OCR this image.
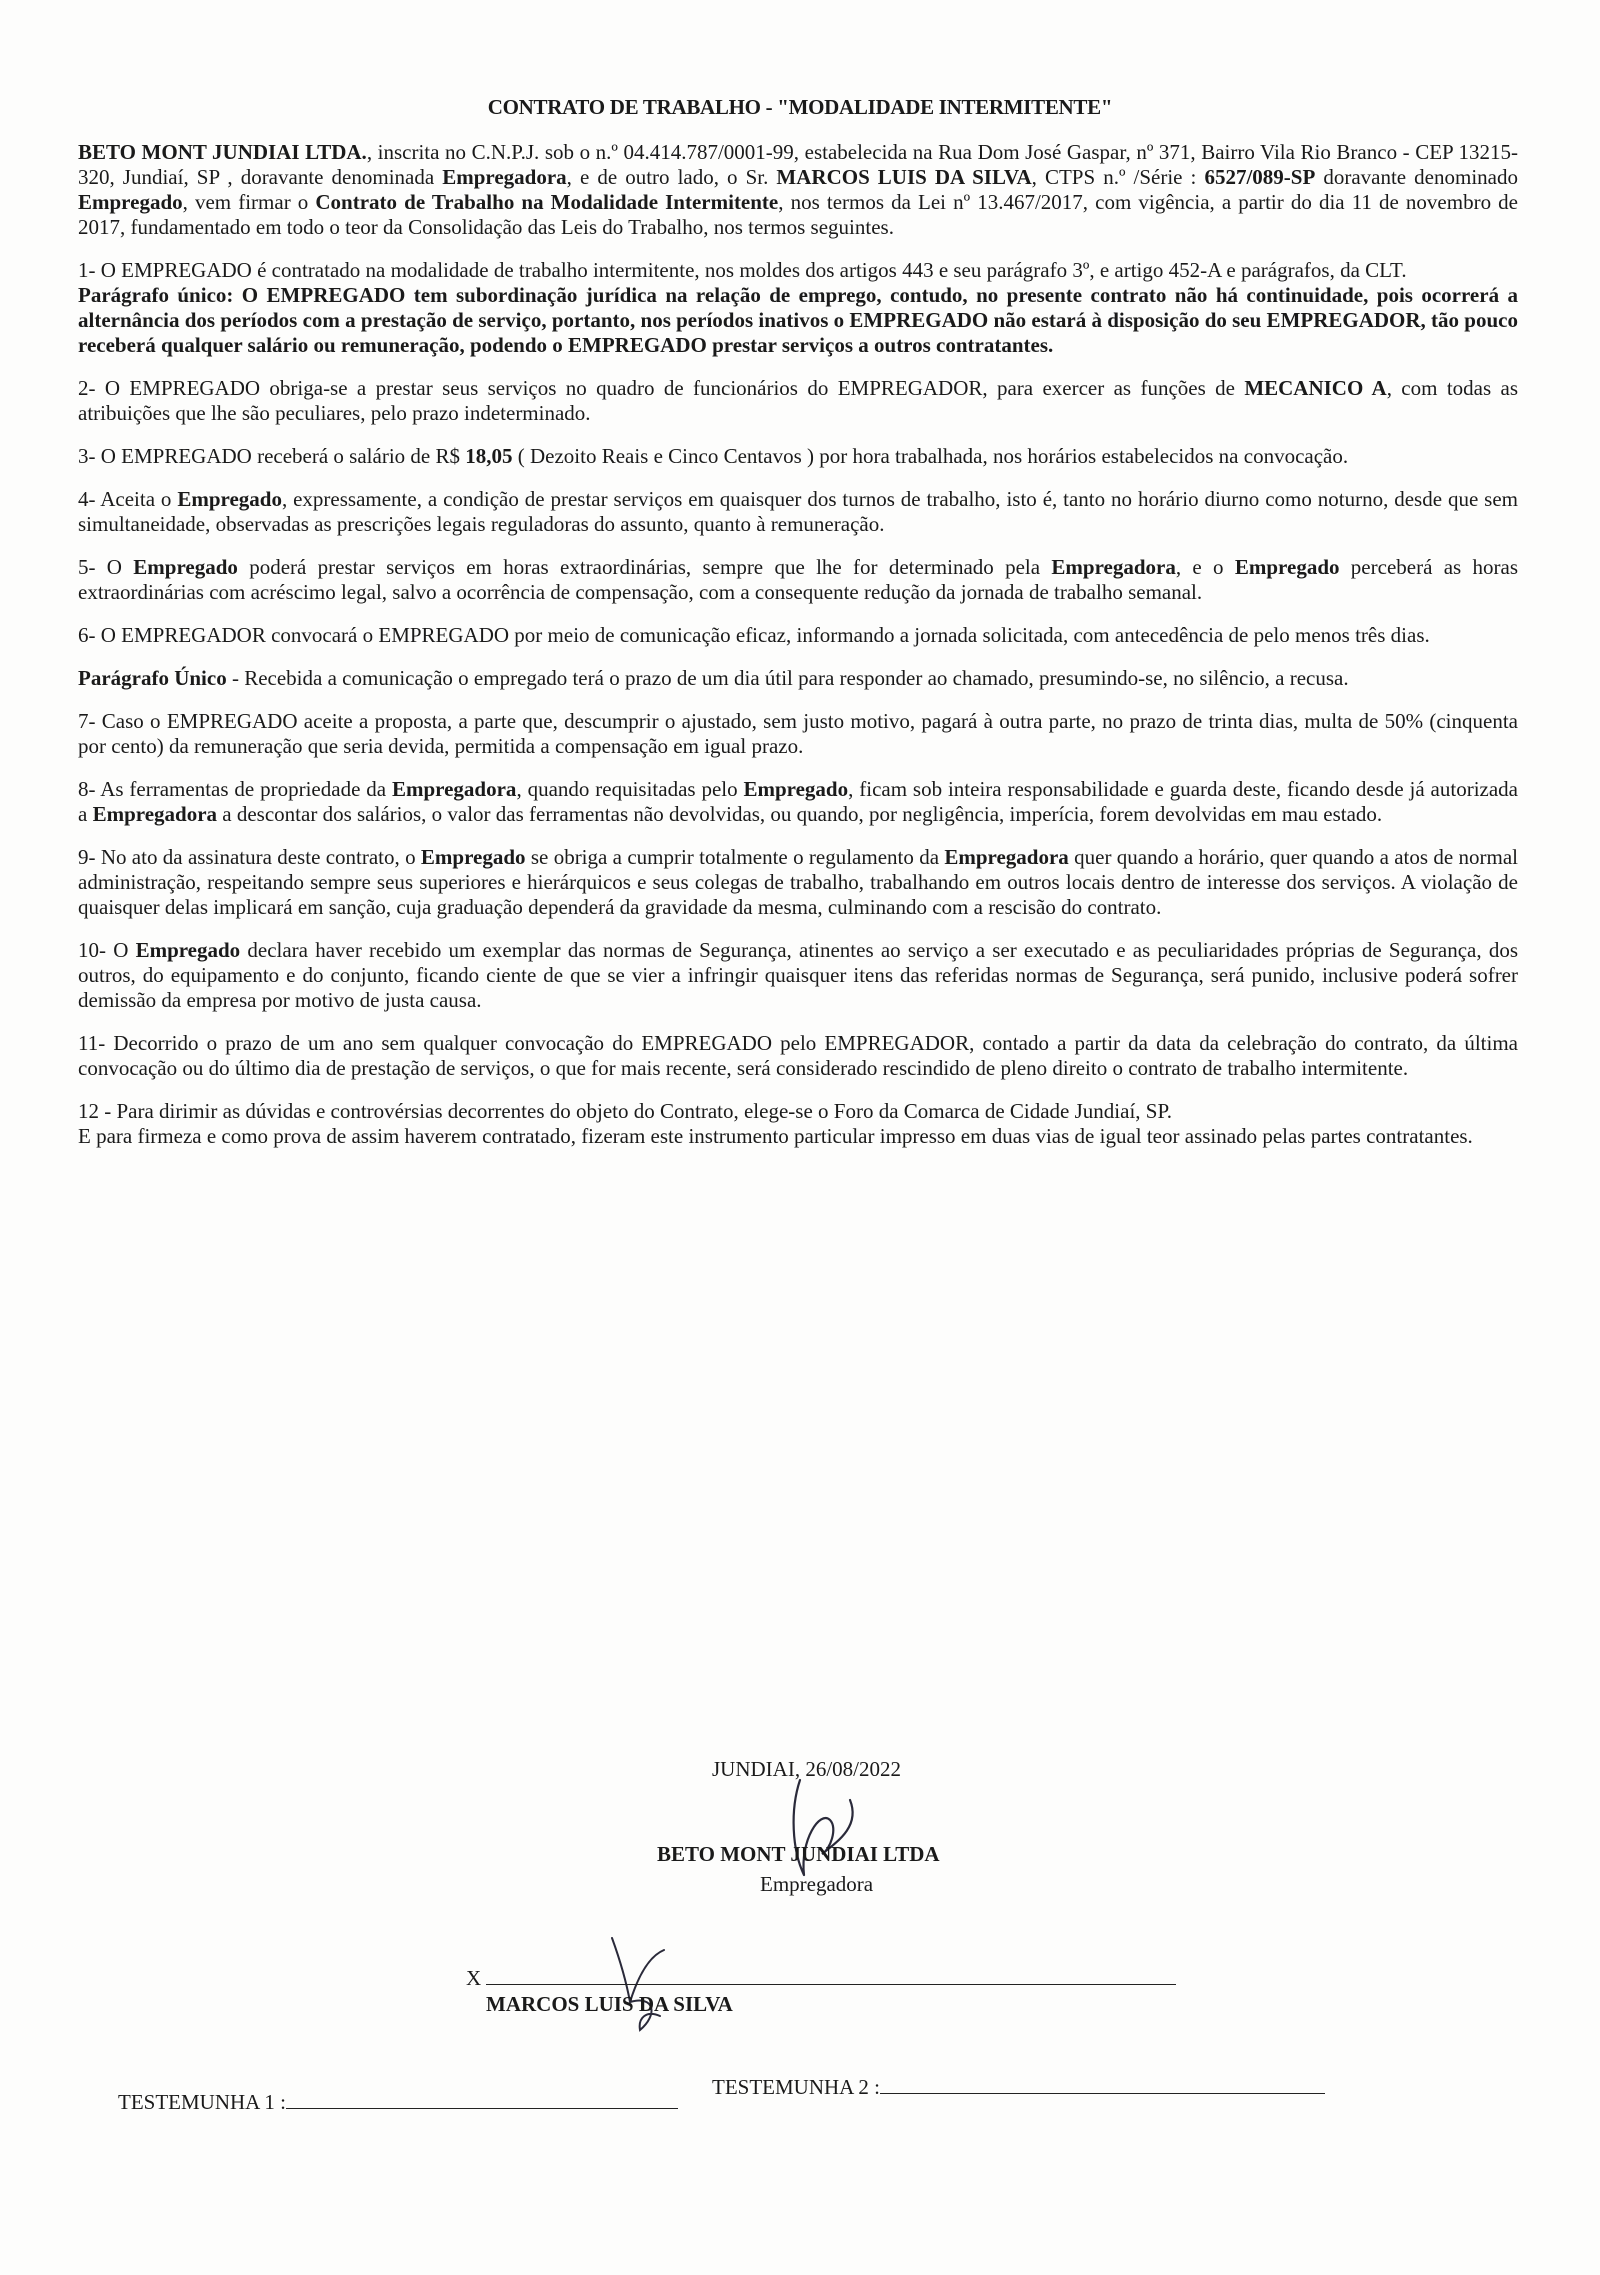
CONTRATO DE TRABALHO - "MODALIDADE INTERMITENTE"

BETO MONT JUNDIAI LTDA., inscrita no C.N.P.J. sob o n.º 04.414.787/0001-99, estabelecida na Rua Dom José Gaspar, nº 371, Bairro Vila Rio Branco - CEP 13215-320, Jundiaí, SP , doravante denominada Empregadora, e de outro lado, o Sr. MARCOS LUIS DA SILVA, CTPS n.º /Série : 6527/089-SP doravante denominado Empregado, vem firmar o Contrato de Trabalho na Modalidade Intermitente, nos termos da Lei nº 13.467/2017, com vigência, a partir do dia 11 de novembro de 2017, fundamentado em todo o teor da Consolidação das Leis do Trabalho, nos termos seguintes.

1- O EMPREGADO é contratado na modalidade de trabalho intermitente, nos moldes dos artigos 443 e seu parágrafo 3º, e artigo 452-A e parágrafos, da CLT.

Parágrafo único: O EMPREGADO tem subordinação jurídica na relação de emprego, contudo, no presente contrato não há continuidade, pois ocorrerá a alternância dos períodos com a prestação de serviço, portanto, nos períodos inativos o EMPREGADO não estará à disposição do seu EMPREGADOR, tão pouco receberá qualquer salário ou remuneração, podendo o EMPREGADO prestar serviços a outros contratantes.

2- O EMPREGADO obriga-se a prestar seus serviços no quadro de funcionários do EMPREGADOR, para exercer as funções de MECANICO A, com todas as atribuições que lhe são peculiares, pelo prazo indeterminado.

3- O EMPREGADO receberá o salário de R$ 18,05 ( Dezoito Reais e Cinco Centavos ) por hora trabalhada, nos horários estabelecidos na convocação.

4- Aceita o Empregado, expressamente, a condição de prestar serviços em quaisquer dos turnos de trabalho, isto é, tanto no horário diurno como noturno, desde que sem simultaneidade, observadas as prescrições legais reguladoras do assunto, quanto à remuneração.

5- O Empregado poderá prestar serviços em horas extraordinárias, sempre que lhe for determinado pela Empregadora, e o Empregado perceberá as horas extraordinárias com acréscimo legal, salvo a ocorrência de compensação, com a consequente redução da jornada de trabalho semanal.

6- O EMPREGADOR convocará o EMPREGADO por meio de comunicação eficaz, informando a jornada solicitada, com antecedência de pelo menos três dias.

Parágrafo Único - Recebida a comunicação o empregado terá o prazo de um dia útil para responder ao chamado, presumindo-se, no silêncio, a recusa.

7- Caso o EMPREGADO aceite a proposta, a parte que, descumprir o ajustado, sem justo motivo, pagará à outra parte, no prazo de trinta dias, multa de 50% (cinquenta por cento) da remuneração que seria devida, permitida a compensação em igual prazo.

8- As ferramentas de propriedade da Empregadora, quando requisitadas pelo Empregado, ficam sob inteira responsabilidade e guarda deste, ficando desde já autorizada a Empregadora a descontar dos salários, o valor das ferramentas não devolvidas, ou quando, por negligência, imperícia, forem devolvidas em mau estado.

9- No ato da assinatura deste contrato, o Empregado se obriga a cumprir totalmente o regulamento da Empregadora quer quando a horário, quer quando a atos de normal administração, respeitando sempre seus superiores e hierárquicos e seus colegas de trabalho, trabalhando em outros locais dentro de interesse dos serviços. A violação de quaisquer delas implicará em sanção, cuja graduação dependerá da gravidade da mesma, culminando com a rescisão do contrato.

10- O Empregado declara haver recebido um exemplar das normas de Segurança, atinentes ao serviço a ser executado e as peculiaridades próprias de Segurança, dos outros, do equipamento e do conjunto, ficando ciente de que se vier a infringir quaisquer itens das referidas normas de Segurança, será punido, inclusive poderá sofrer demissão da empresa por motivo de justa causa.

11- Decorrido o prazo de um ano sem qualquer convocação do EMPREGADO pelo EMPREGADOR, contado a partir da data da celebração do contrato, da última convocação ou do último dia de prestação de serviços, o que for mais recente, será considerado rescindido de pleno direito o contrato de trabalho intermitente.

12 - Para dirimir as dúvidas e controvérsias decorrentes do objeto do Contrato, elege-se o Foro da Comarca de Cidade Jundiaí, SP.

E para firmeza e como prova de assim haverem contratado, fizeram este instrumento particular impresso em duas vias de igual teor assinado pelas partes contratantes.

JUNDIAI, 26/08/2022
BETO MONT JUNDIAI LTDA
Empregadora
X
MARCOS LUIS DA SILVA
TESTEMUNHA 1 :
TESTEMUNHA 2 :
